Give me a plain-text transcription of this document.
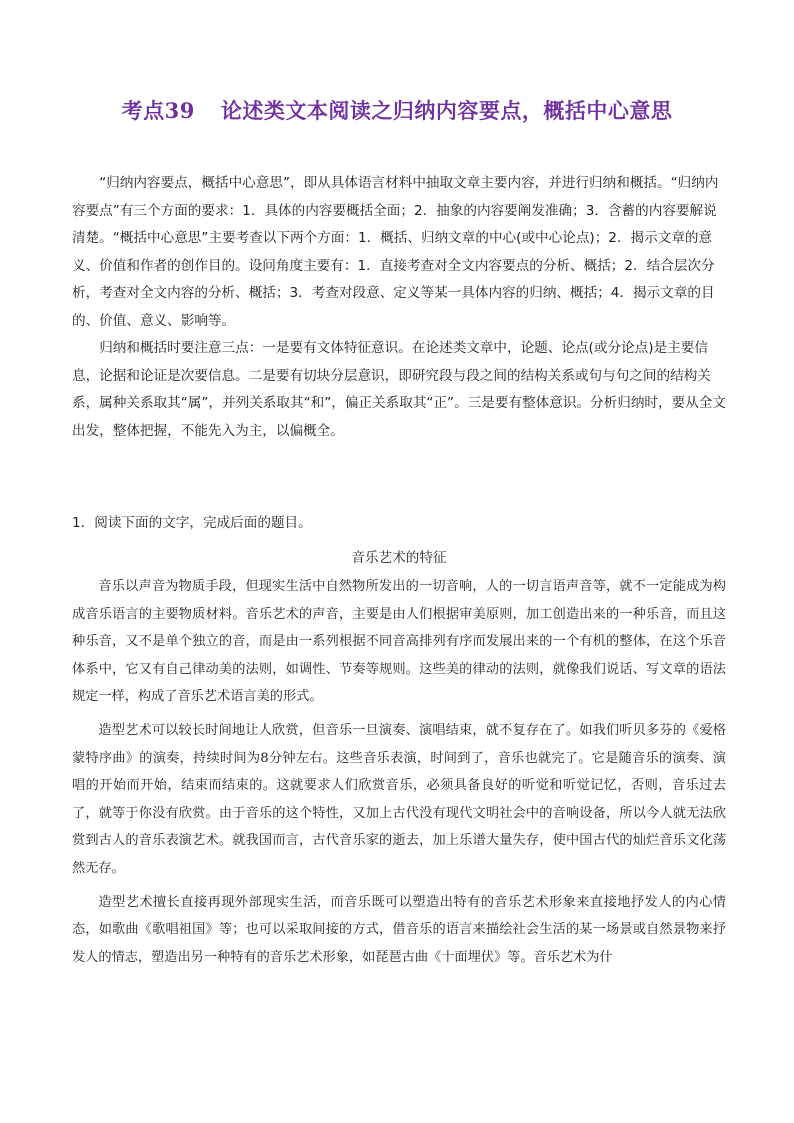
考点39 论述类文本阅读之归纳内容要点，概括中心意思

“归纳内容要点，概括中心意思”，即从具体语言材料中抽取文章主要内容，并进行归纳和概括。“归纳内容要点”有三个方面的要求：1．具体的内容要概括全面；2．抽象的内容要阐发准确；3．含蓄的内容要解说清楚。“概括中心意思”主要考查以下两个方面：1．概括、归纳文章的中心(或中心论点)；2．揭示文章的意义、价值和作者的创作目的。设问角度主要有：1．直接考查对全文内容要点的分析、概括；2．结合层次分析，考查对全文内容的分析、概括；3．考查对段意、定义等某一具体内容的归纳、概括；4．揭示文章的目的、价值、意义、影响等。

归纳和概括时要注意三点：一是要有文体特征意识。在论述类文章中，论题、论点(或分论点)是主要信息，论据和论证是次要信息。二是要有切块分层意识，即研究段与段之间的结构关系或句与句之间的结构关系，属种关系取其“属”，并列关系取其“和”，偏正关系取其“正”。三是要有整体意识。分析归纳时，要从全文出发，整体把握，不能先入为主，以偏概全。

1．阅读下面的文字，完成后面的题目。
音乐艺术的特征

音乐以声音为物质手段，但现实生活中自然物所发出的一切音响，人的一切言语声音等，就不一定能成为构成音乐语言的主要物质材料。音乐艺术的声音，主要是由人们根据审美原则，加工创造出来的一种乐音，而且这种乐音，又不是单个独立的音，而是由一系列根据不同音高排列有序而发展出来的一个有机的整体，在这个乐音体系中，它又有自己律动美的法则，如调性、节奏等规则。这些美的律动的法则，就像我们说话、写文章的语法规定一样，构成了音乐艺术语言美的形式。

造型艺术可以较长时间地让人欣赏，但音乐一旦演奏、演唱结束，就不复存在了。如我们听贝多芬的《爱格蒙特序曲》的演奏，持续时间为8分钟左右。这些音乐表演，时间到了，音乐也就完了。它是随音乐的演奏、演唱的开始而开始，结束而结束的。这就要求人们欣赏音乐，必须具备良好的听觉和听觉记忆，否则，音乐过去了，就等于你没有欣赏。由于音乐的这个特性，又加上古代没有现代文明社会中的音响设备，所以今人就无法欣赏到古人的音乐表演艺术。就我国而言，古代音乐家的逝去，加上乐谱大量失存，使中国古代的灿烂音乐文化荡然无存。

造型艺术擅长直接再现外部现实生活，而音乐既可以塑造出特有的音乐艺术形象来直接地抒发人的内心情态，如歌曲《歌唱祖国》等；也可以采取间接的方式，借音乐的语言来描绘社会生活的某一场景或自然景物来抒发人的情志，塑造出另一种特有的音乐艺术形象，如琵琶古曲《十面埋伏》等。音乐艺术为什
